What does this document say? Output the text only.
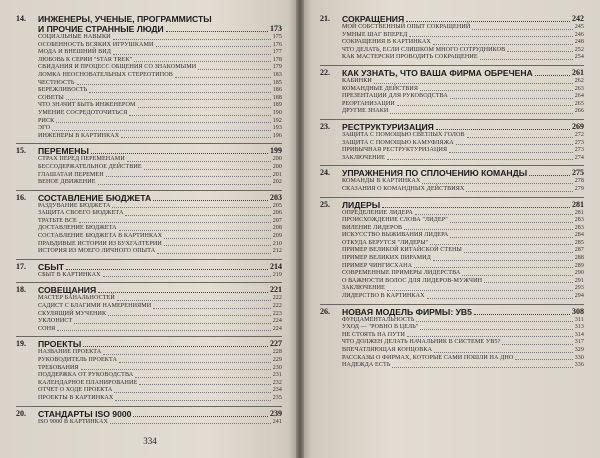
14.	ИНЖЕНЕРЫ, УЧЕНЫЕ, ПРОГРАММИСТЫ
И ПРОЧИЕ СТРАННЫЕ ЛЮДИ	173
СОЦИАЛЬНЫЕ НАВЫКИ	175
ОСОБЕННОСТЬ ВСЯКИХ ИГРУШКАМИ	176
МОДА И ВНЕШНИЙ ВИД	177
ЛЮБОВЬ К СЕРИИ "STAR TREK"	178
СВИДАНИЯ И ПРОЦЕСС ОБЩЕНИЯ СО ЗНАКОМЫМИ	179
ЛОМКА НЕОСНОВАТЕЛЬНЫХ СТЕРЕОТИПОВ	183
ЧЕСТНОСТЬ	185
БЕРЕЖЛИВОСТЬ	186
СОВЕТЫ	188
ЧТО ЗНАЧИТ БЫТЬ ИНЖЕНЕРОМ	189
УМЕНИЕ СОСРЕДОТОЧИТЬСЯ	190
РИСК	192
ЭГО	193
ИНЖЕНЕРЫ В КАРТИНКАХ	196
15.	ПЕРЕМЕНЫ	199
СТРАХ ПЕРЕД ПЕРЕМЕНАМИ	200
БЕССОДЕРЖАТЕЛЬНОЕ ДЕЙСТВИЕ	200
ГЛАШАТАИ ПЕРЕМЕН	201
ВЕНОЕ ДВИЖЕНИЕ	202
16.	СОСТАВЛЕНИЕ БЮДЖЕТА	203
РАЗДУВАНИЕ БЮДЖЕТА	205
ЗАЩИТА СВОЕГО БЮДЖЕТА	206
ТРАТЬТЕ ВСЕ	207
ДОСТАВЛЕНИЕ БЮДЖЕТА	208
СОСТАВЛЕНИЕ БЮДЖЕТА В КАРТИНКАХ	209
ПРАВДИВЫЕ ИСТОРИИ ИЗ БУХГАЛТЕРИИ	210
ИСТОРИЯ ИЗ МОЕГО ЛИЧНОГО ОПЫТА	212
17.	СБЫТ	214
СБЫТ В КАРТИНКАХ	219
18.	СОВЕЩАНИЯ	221
МАСТЕР БАНАЛЬНОСТЕЙ	222
САДИСТ С БЛАГИМИ НАМЕРЕНИЯМИ	222
СКУЛЯЩИЙ МУЧЕНИК	223
УКЛОНИСТ	224
СОНЯ	224
19.	ПРОЕКТЫ	227
НАЗВАНИЕ ПРОЕКТА	228
РУКОВОДИТЕЛЬ ПРОЕКТА	229
ТРЕБОВАНИЯ	230
ПОДДЕРЖКА ОТ РУКОВОДСТВА	231
КАЛЕНДАРНОЕ ПЛАНИРОВАНИЕ	232
ОТЧЕТ О ХОДЕ ПРОЕКТА	234
ПРОЕКТЫ В КАРТИНКАХ	235
20.	СТАНДАРТЫ ISO 9000	239
ISO 9000 В КАРТИНКАХ	241
334
21.	СОКРАЩЕНИЯ	242
МОЙ СОБСТВЕННЫЙ ОПЫТ СОКРАЩЕНИЙ	245
УМНЫЕ ШАГ ВПЕРЕД	246
СОКРАЩЕНИЯ В КАРТИНКАХ	248
ЧТО ДЕЛАТЬ, ЕСЛИ СЛИШКОМ МНОГО СОТРУДНИКОВ	252
КАК МАСТЕРСКИ ПРОВОДИТЬ СОКРАЩЕНИЕ	254
22.	КАК УЗНАТЬ, ЧТО ВАША ФИРМА ОБРЕЧЕНА	261
КАБИНКИ	262
КОМАНДНЫЕ ДЕЙСТВИЯ	263
ПРЕЗЕНТАЦИИ ДЛЯ РУКОВОДСТВА	264
РЕОРГАНИЗАЦИИ	265
ДРУГИЕ ЗНАКИ	266
23.	РЕСТРУКТУРИЗАЦИЯ	269
ЗАЩИТА С ПОМОЩЬЮ СВЕТЛЫХ ГОЛОВ	272
ЗАЩИТА С ПОМОЩЬЮ КАМУФЛЯЖА	273
ПРИВЫЧНАЯ РЕСТРУКТУРИЗАЦИЯ	273
ЗАКЛЮЧЕНИЕ	274
24.	УПРАЖНЕНИЯ ПО СПЛОЧЕНИЮ КОМАНДЫ	275
КОМАНДЫ В КАРТИНКАХ	278
СКАЗАНИЯ О КОМАНДНЫХ ДЕЙСТВИЯХ	279
25.	ЛИДЕРЫ	281
ОПРЕДЕЛЕНИЕ ЛИДЕРА	281
ПРОИСХОЖДЕНИЕ СЛОВА "ЛИДЕР"	283
ВИЛЕНИЕ ЛИДЕРОВ	283
ИСКУССТВО ВЫЖИВАНИЯ ЛИДЕРА	284
ОТКУДА БЕРУТСЯ "ЛИДЕРЫ"	285
ПРИМЕР ВЕЛИКОЙ КИТАЙСКОЙ СТЕНЫ	287
ПРИМЕР ВЕЛИКИХ ПИРАМИД	288
ПРИМЕР ЧИНГИСХАНА	289
СОВРЕМЕННЫЕ ПРИМЕРЫ ЛИДЕРСТВА	290
О ВАЖНОСТИ ВОЛОС ДЛЯ ЛИДЕРОВ-МУЖЧИН	291
ЗАКЛЮЧЕНИЕ	293
ЛИДЕРСТВО В КАРТИНКАХ	294
26.	НОВАЯ МОДЕЛЬ ФИРМЫ: УВ5	308
ФУНДАМЕНТАЛЬНОСТЬ	311
УХОД — "РОВНО В ЦЕЛЬ"	313
НЕ СТОЯТЬ НА ПУТИ	314
ЧТО ДОЛЖЕН ДЕЛАТЬ НАЧАЛЬНИК В СИСТЕМЕ УВ5?	317
ВПЕЧАТЛЯЮЩАЯ КОНЦОВКА	329
РАССКАЗЫ О ФИРМАХ, КОТОРЫЕ САМИ ПОШЛИ НА ДНО	330
НАДЕЖДА ЕСТЬ	336
